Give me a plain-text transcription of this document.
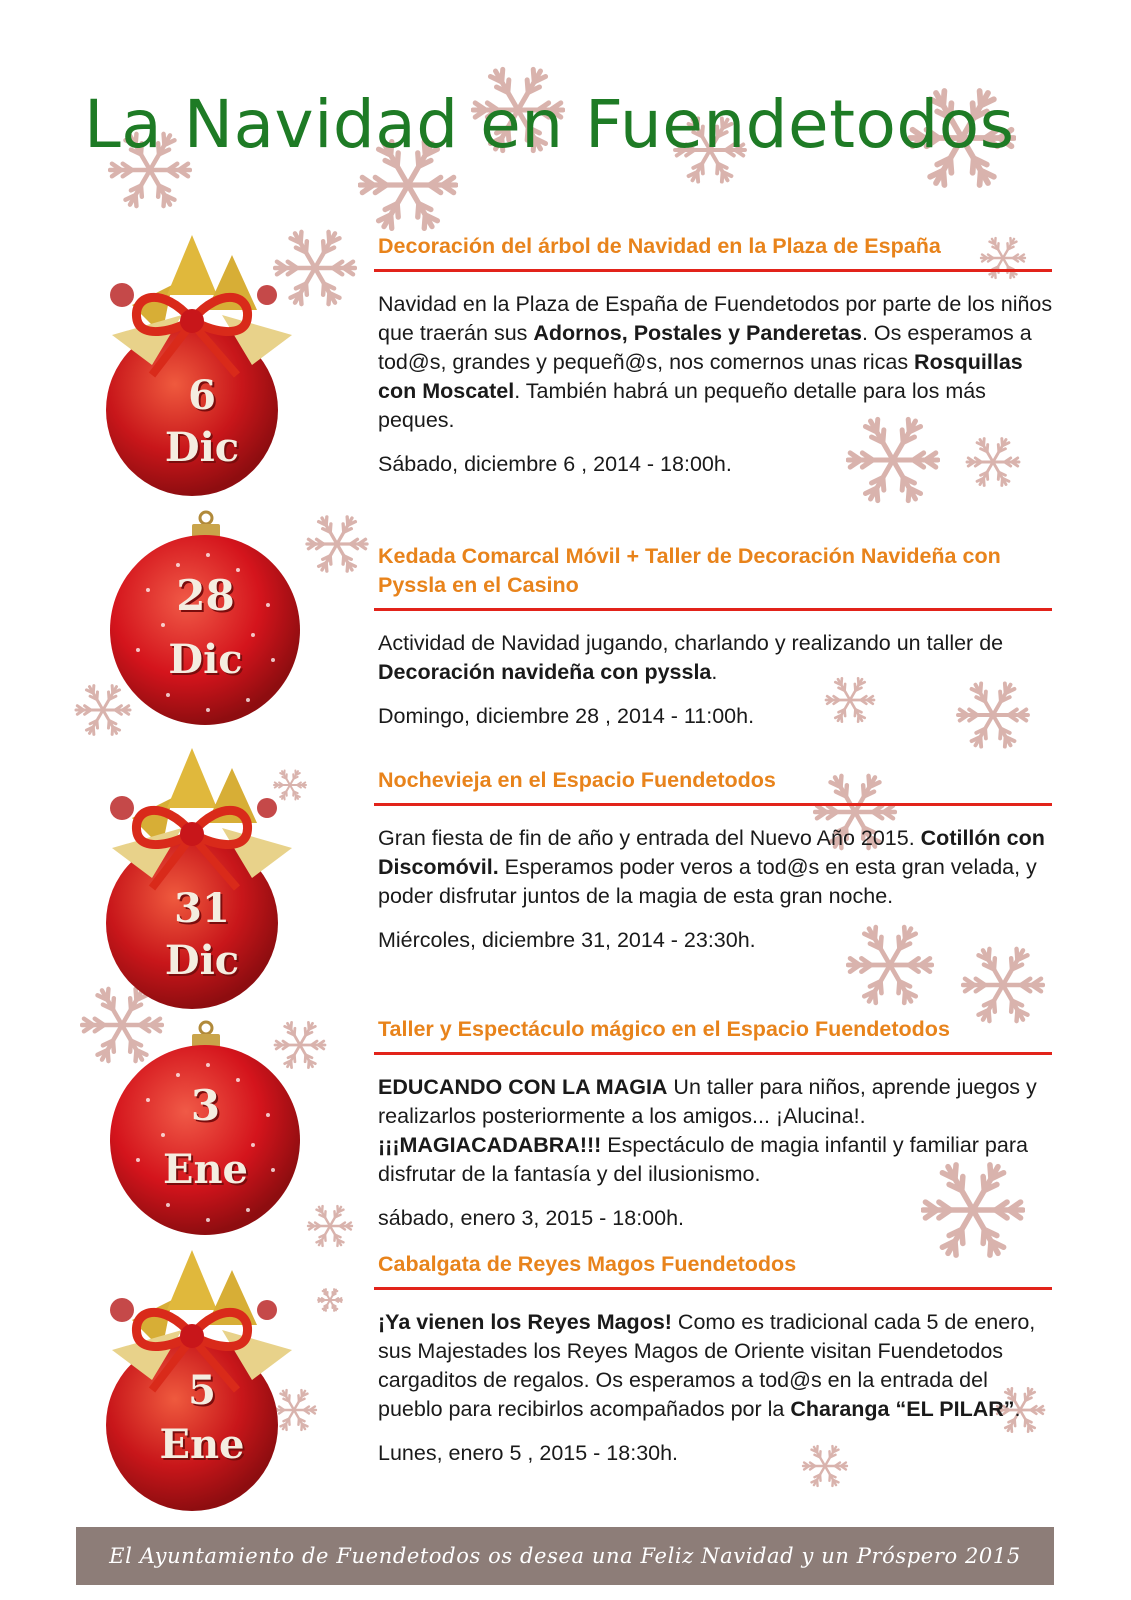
La Navidad en Fuendetodos
6
Dic
28
Dic
31
Dic
3
Ene
5
Ene
Decoración del árbol de Navidad en la Plaza de España
Navidad en la Plaza de España de Fuendetodos por parte de los niños que traerán sus Adornos, Postales y Panderetas. Os esperamos a tod@s, grandes y pequeñ@s, nos comernos unas ricas Rosquillas con Moscatel. También habrá un pequeño detalle para los más peques.
Sábado, diciembre 6 , 2014 - 18:00h.
Kedada Comarcal Móvil + Taller de Decoración Navideña con Pyssla en el Casino
Actividad de Navidad jugando, charlando y realizando un taller de Decoración navideña con pyssla.
Domingo, diciembre 28 , 2014 - 11:00h.
Nochevieja en el Espacio Fuendetodos
Gran fiesta de fin de año y entrada del Nuevo Año 2015. Cotillón con Discomóvil. Esperamos poder veros a tod@s en esta gran velada, y poder disfrutar juntos de la magia de esta gran noche.
Miércoles, diciembre 31, 2014 - 23:30h.
Taller y Espectáculo mágico en el Espacio Fuendetodos
EDUCANDO CON LA MAGIA Un taller para niños, aprende juegos y realizarlos posteriormente a los amigos... ¡Alucina!. ¡¡¡MAGIACADABRA!!! Espectáculo de magia infantil y familiar para disfrutar de la fantasía y del ilusionismo.
sábado, enero 3, 2015 - 18:00h.
Cabalgata de Reyes Magos Fuendetodos
¡Ya vienen los Reyes Magos! Como es tradicional cada 5 de enero, sus Majestades los Reyes Magos de Oriente visitan Fuendetodos cargaditos de regalos. Os esperamos a tod@s en la entrada del pueblo para recibirlos acompañados por la Charanga “EL PILAR”.
Lunes, enero 5 , 2015 - 18:30h.
El Ayuntamiento de Fuendetodos os desea una Feliz Navidad y un Próspero 2015
